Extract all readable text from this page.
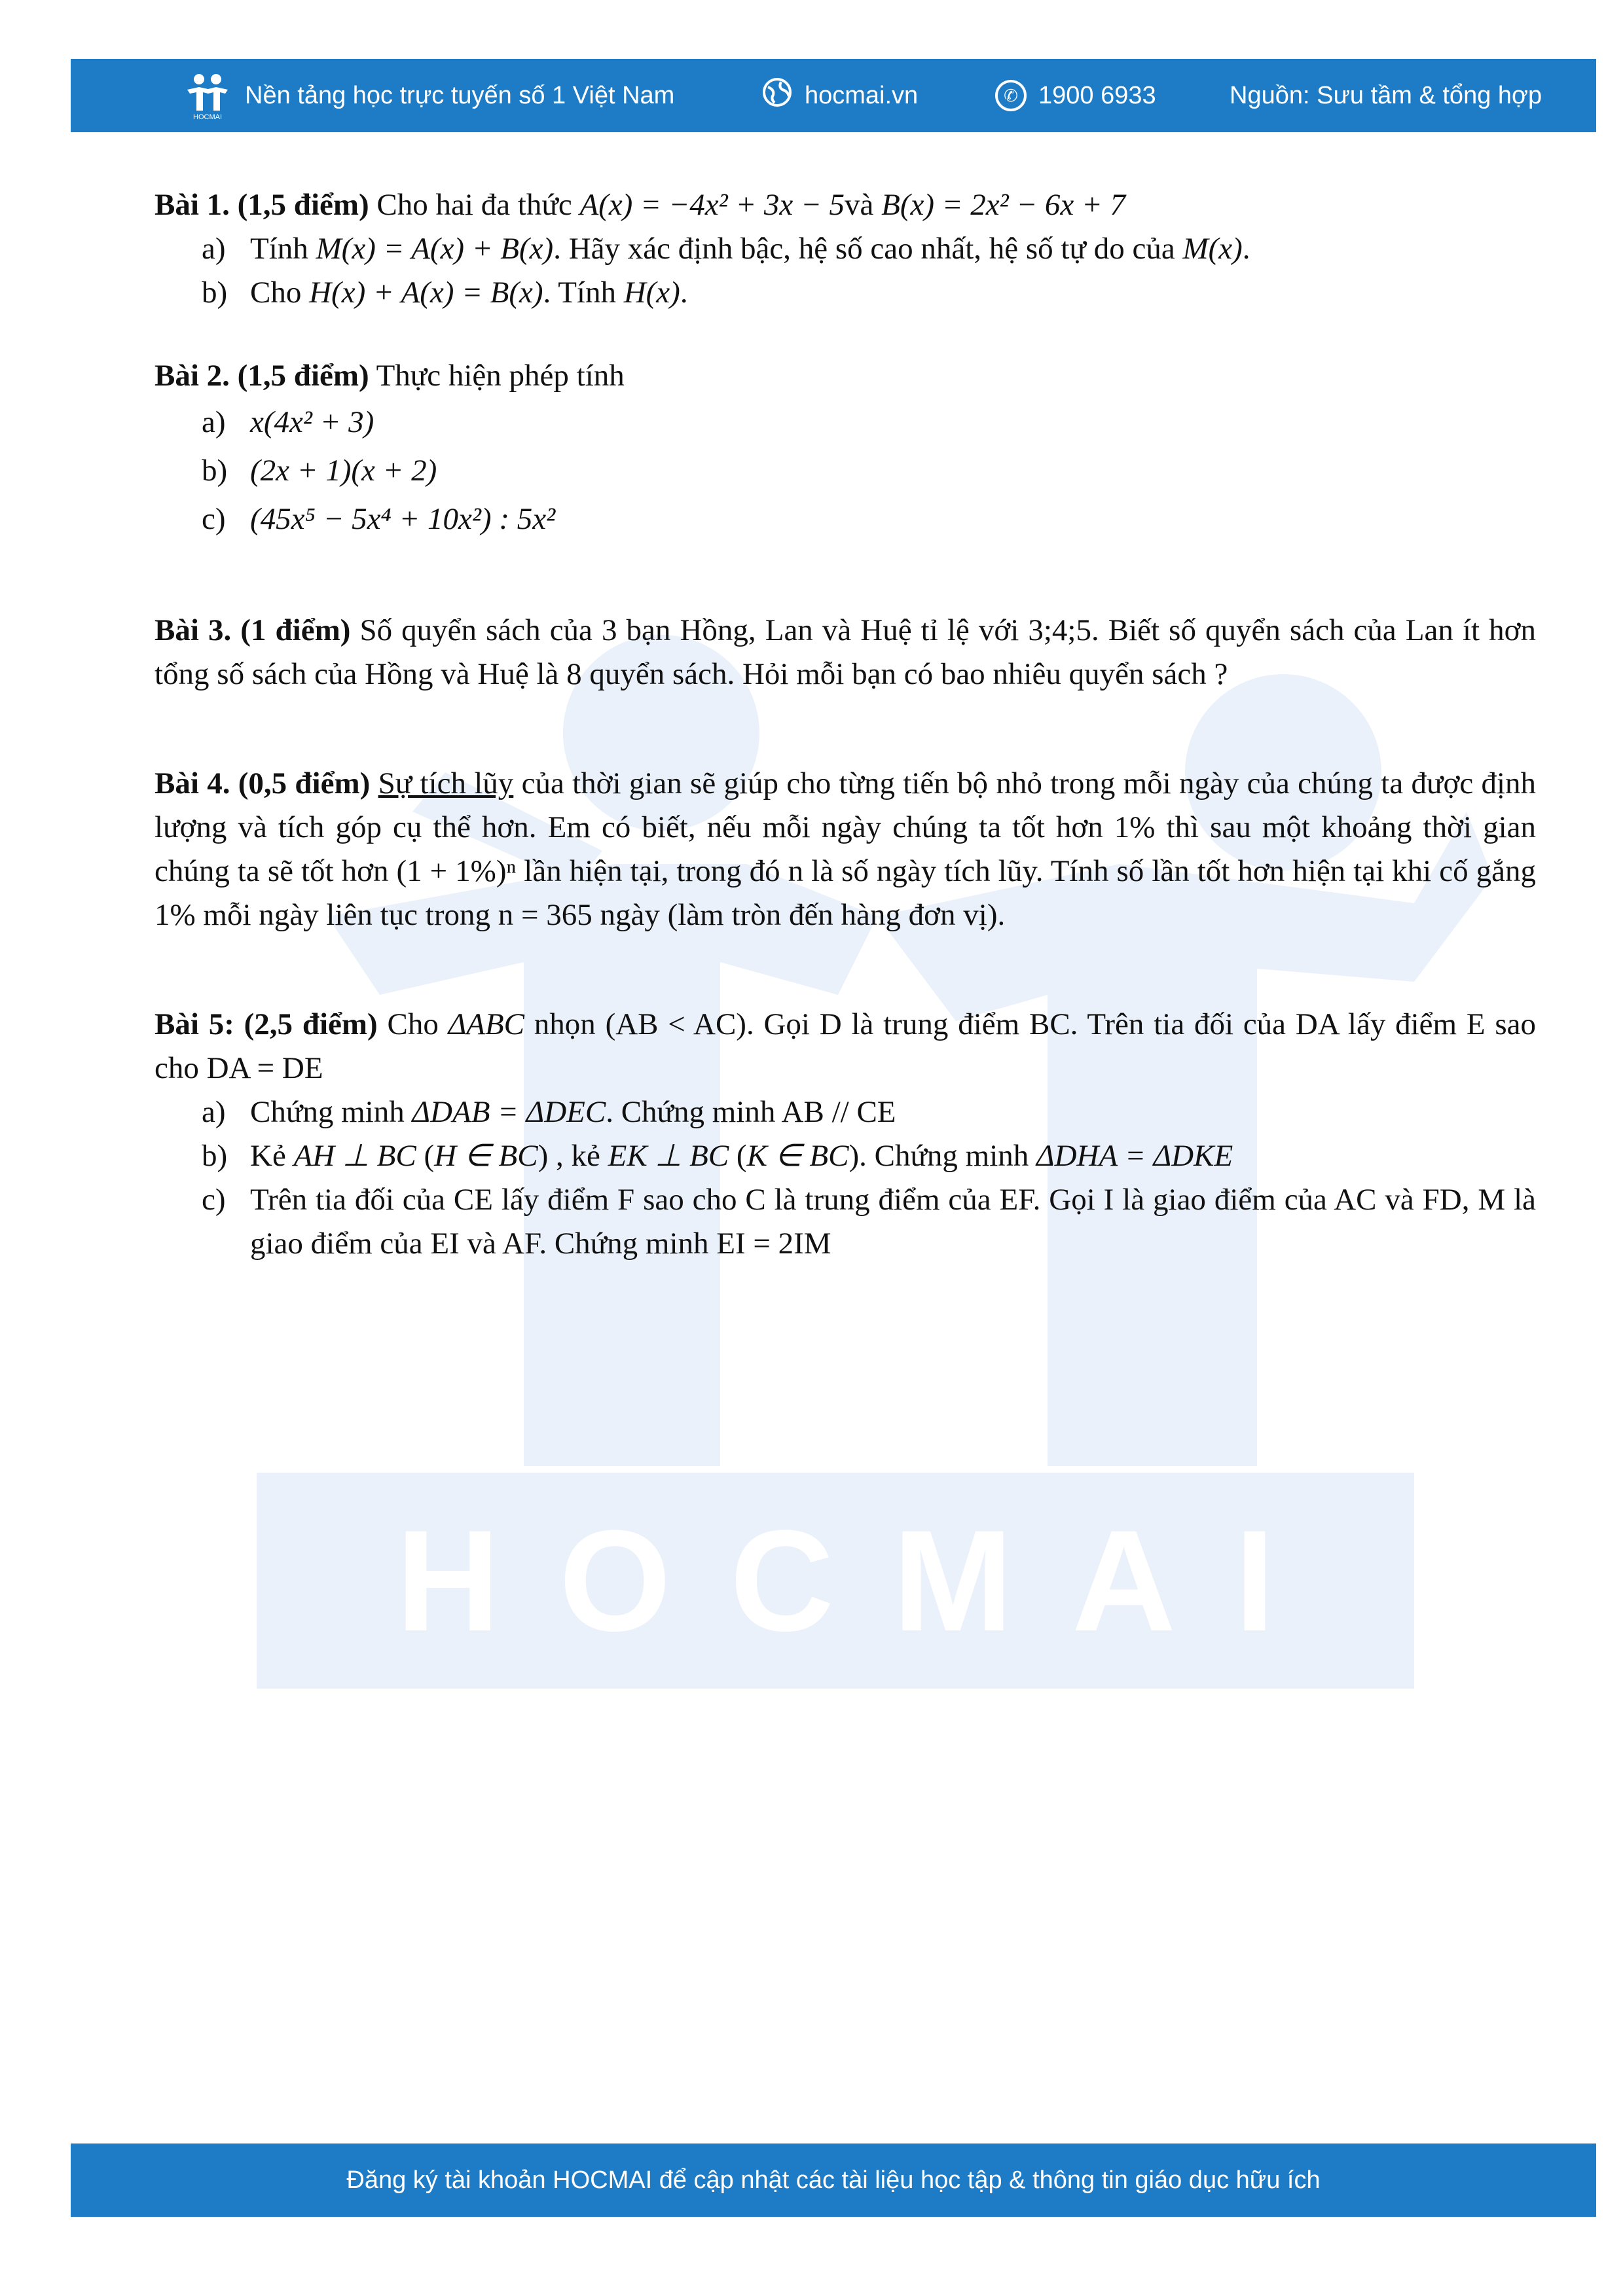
HOCMAI
Nền tảng học trực tuyến số 1 Việt Nam	hocmai.vn	✆ 1900 6933	Nguồn: Sưu tầm & tổng hợp
HOCMAI

Bài 1. (1,5 điểm) Cho hai đa thức A(x) = −4x² + 3x − 5và B(x) = 2x² − 6x + 7

a) Tính M(x) = A(x) + B(x). Hãy xác định bậc, hệ số cao nhất, hệ số tự do của M(x).
b) Cho H(x) + A(x) = B(x). Tính H(x).

Bài 2. (1,5 điểm) Thực hiện phép tính

a) x(4x² + 3)
b) (2x + 1)(x + 2)
c) (45x⁵ − 5x⁴ + 10x²) : 5x²

Bài 3. (1 điểm) Số quyển sách của 3 bạn Hồng, Lan và Huệ tỉ lệ với 3;4;5. Biết số quyển sách của Lan ít hơn tổng số sách của Hồng và Huệ là 8 quyển sách. Hỏi mỗi bạn có bao nhiêu quyển sách ?

Bài 4. (0,5 điểm) Sự tích lũy của thời gian sẽ giúp cho từng tiến bộ nhỏ trong mỗi ngày của chúng ta được định lượng và tích góp cụ thể hơn. Em có biết, nếu mỗi ngày chúng ta tốt hơn 1% thì sau một khoảng thời gian chúng ta sẽ tốt hơn (1 + 1%)ⁿ lần hiện tại, trong đó n là số ngày tích lũy. Tính số lần tốt hơn hiện tại khi cố gắng 1% mỗi ngày liên tục trong n = 365 ngày (làm tròn đến hàng đơn vị).

Bài 5: (2,5 điểm) Cho ΔABC nhọn (AB < AC). Gọi D là trung điểm BC. Trên tia đối của DA lấy điểm E sao cho DA = DE

a) Chứng minh ΔDAB = ΔDEC. Chứng minh AB // CE
b) Kẻ AH ⊥ BC (H ∈ BC) , kẻ EK ⊥ BC (K ∈ BC). Chứng minh ΔDHA = ΔDKE
c) Trên tia đối của CE lấy điểm F sao cho C là trung điểm của EF. Gọi I là giao điểm của AC và FD, M là giao điểm của EI và AF. Chứng minh EI = 2IM
Đăng ký tài khoản HOCMAI để cập nhật các tài liệu học tập & thông tin giáo dục hữu ích
